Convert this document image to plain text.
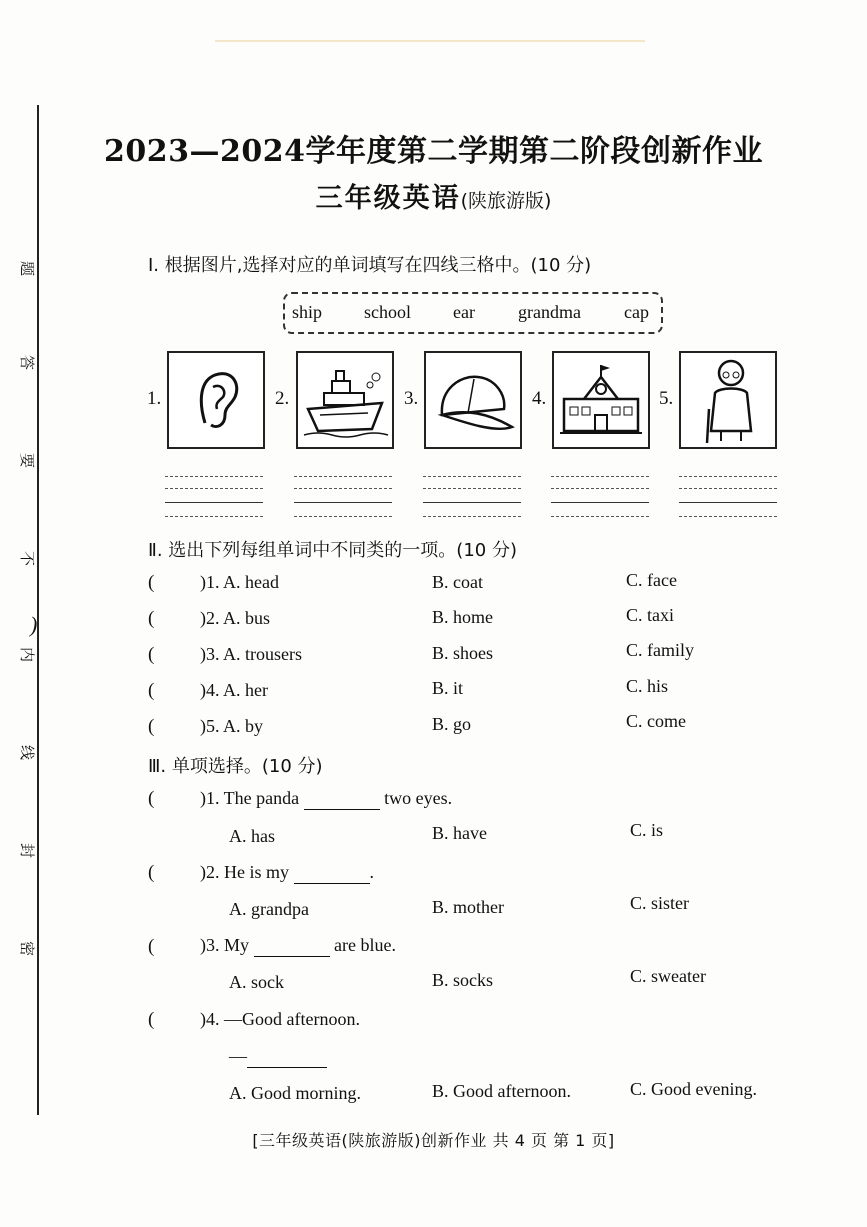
题
答
要
不
)
内
线
封
密
2023—2024学年度第二学期第二阶段创新作业
三年级英语(陕旅游版)
Ⅰ. 根据图片,选择对应的单词填写在四线三格中。(10 分)
ship school ear grandma cap
1.	2.	3.	4.	5.
Ⅱ. 选出下列每组单词中不同类的一项。(10 分)
(	)1. A. head	B. coat	C. face
(	)2. A. bus	B. home	C. taxi
(	)3. A. trousers	B. shoes	C. family
(	)4. A. her	B. it	C. his
(	)5. A. by	B. go	C. come
Ⅲ. 单项选择。(10 分)
(	)1. The panda	two eyes.
A. has	B. have	C. is
(	)2. He is my	.
A. grandpa	B. mother	C. sister
(	)3. My	are blue.
A. sock	B. socks	C. sweater
(	)4. —Good afternoon.
—
A. Good morning.	B. Good afternoon.	C. Good evening.
[三年级英语(陕旅游版)创新作业 共 4 页 第 1 页]
